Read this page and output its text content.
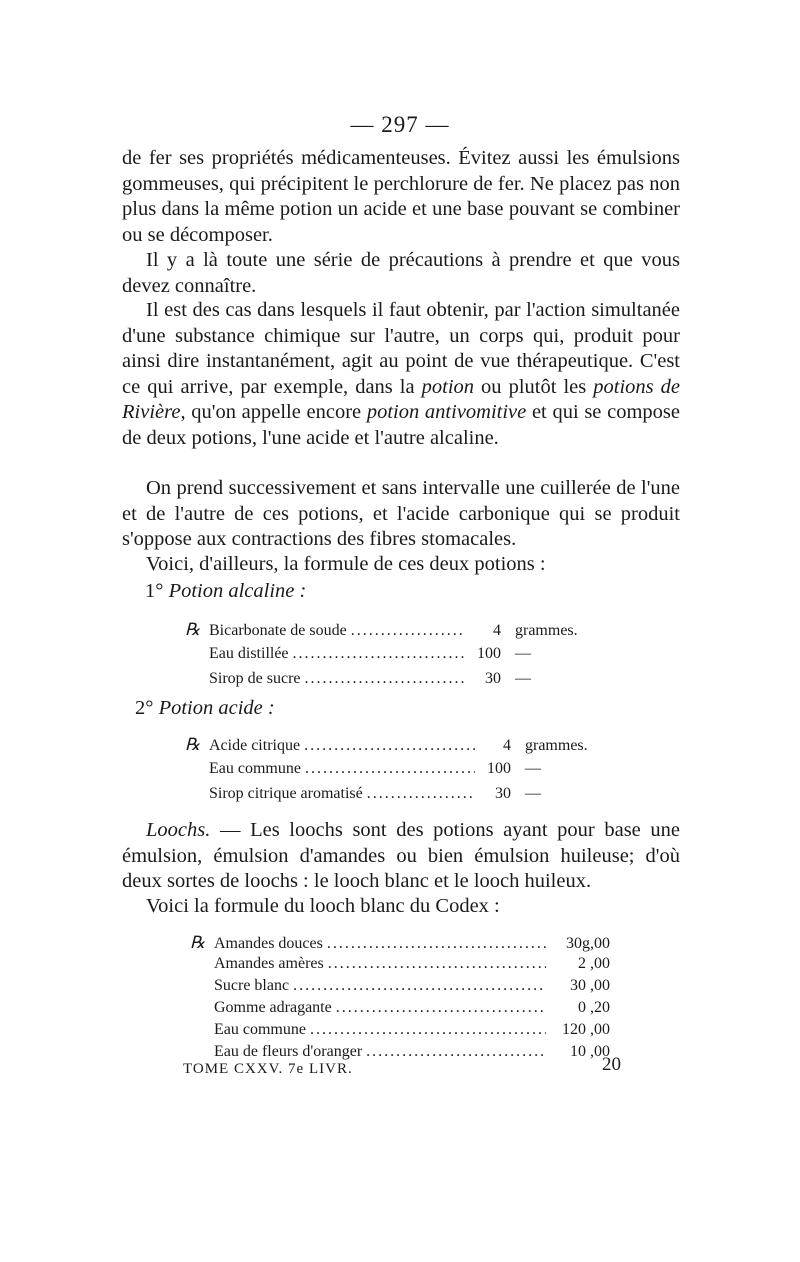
— 297 —

de fer ses propriétés médicamenteuses. Évitez aussi les émulsions gommeuses, qui précipitent le perchlorure de fer. Ne placez pas non plus dans la même potion un acide et une base pouvant se combiner ou se décomposer.

Il y a là toute une série de précautions à prendre et que vous devez connaître.

Il est des cas dans lesquels il faut obtenir, par l'action simultanée d'une substance chimique sur l'autre, un corps qui, produit pour ainsi dire instantanément, agit au point de vue thérapeutique. C'est ce qui arrive, par exemple, dans la potion ou plutôt les potions de Rivière, qu'on appelle encore potion antivomitive et qui se compose de deux potions, l'une acide et l'autre alcaline.

On prend successivement et sans intervalle une cuillerée de l'une et de l'autre de ces potions, et l'acide carbonique qui se produit s'oppose aux contractions des fibres stomacales.

Voici, d'ailleurs, la formule de ces deux potions :

1° Potion alcaline :
℞ Bicarbonate de soude .....	4 grammes.
Eau distillée .....	100 —
Sirop de sucre .....	30 —
2° Potion acide :
℞ Acide citrique .....	4 grammes.
Eau commune .....	100 —
Sirop citrique aromatisé .....	30 —

Loochs. — Les loochs sont des potions ayant pour base une émulsion, émulsion d'amandes ou bien émulsion huileuse; d'où deux sortes de loochs : le looch blanc et le looch huileux.

Voici la formule du looch blanc du Codex :

℞ Amandes douces .....	30g,00
Amandes amères .....	2 ,00
Sucre blanc .....	30 ,00
Gomme adragante .....	0 ,20
Eau commune .....	120 ,00
Eau de fleurs d'oranger .....	10 ,00
TOME CXXV. 7e LIVR.	20
